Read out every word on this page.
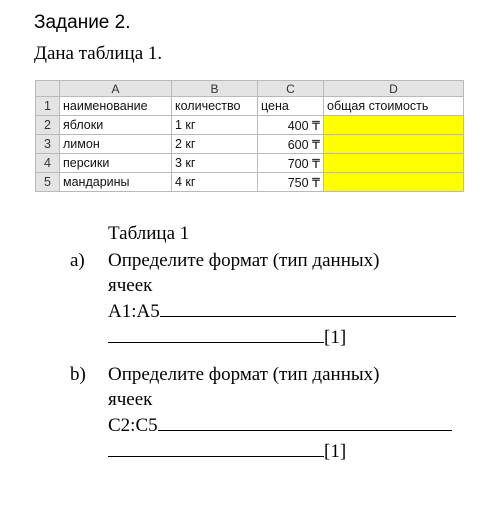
Задание 2.
Дана таблица 1.
	A	B	C	D
1	наименование	количество	цена	общая стоимость
2	яблоки	1 кг	400 ₸	
3	лимон	2 кг	600 ₸	
4	персики	3 кг	700 ₸	
5	мандарины	4 кг	750 ₸	
Таблица 1
a) Определите формат (тип данных)
ячеек
A1:A5
[1]
b) Определите формат (тип данных)
ячеек
C2:C5
[1]
